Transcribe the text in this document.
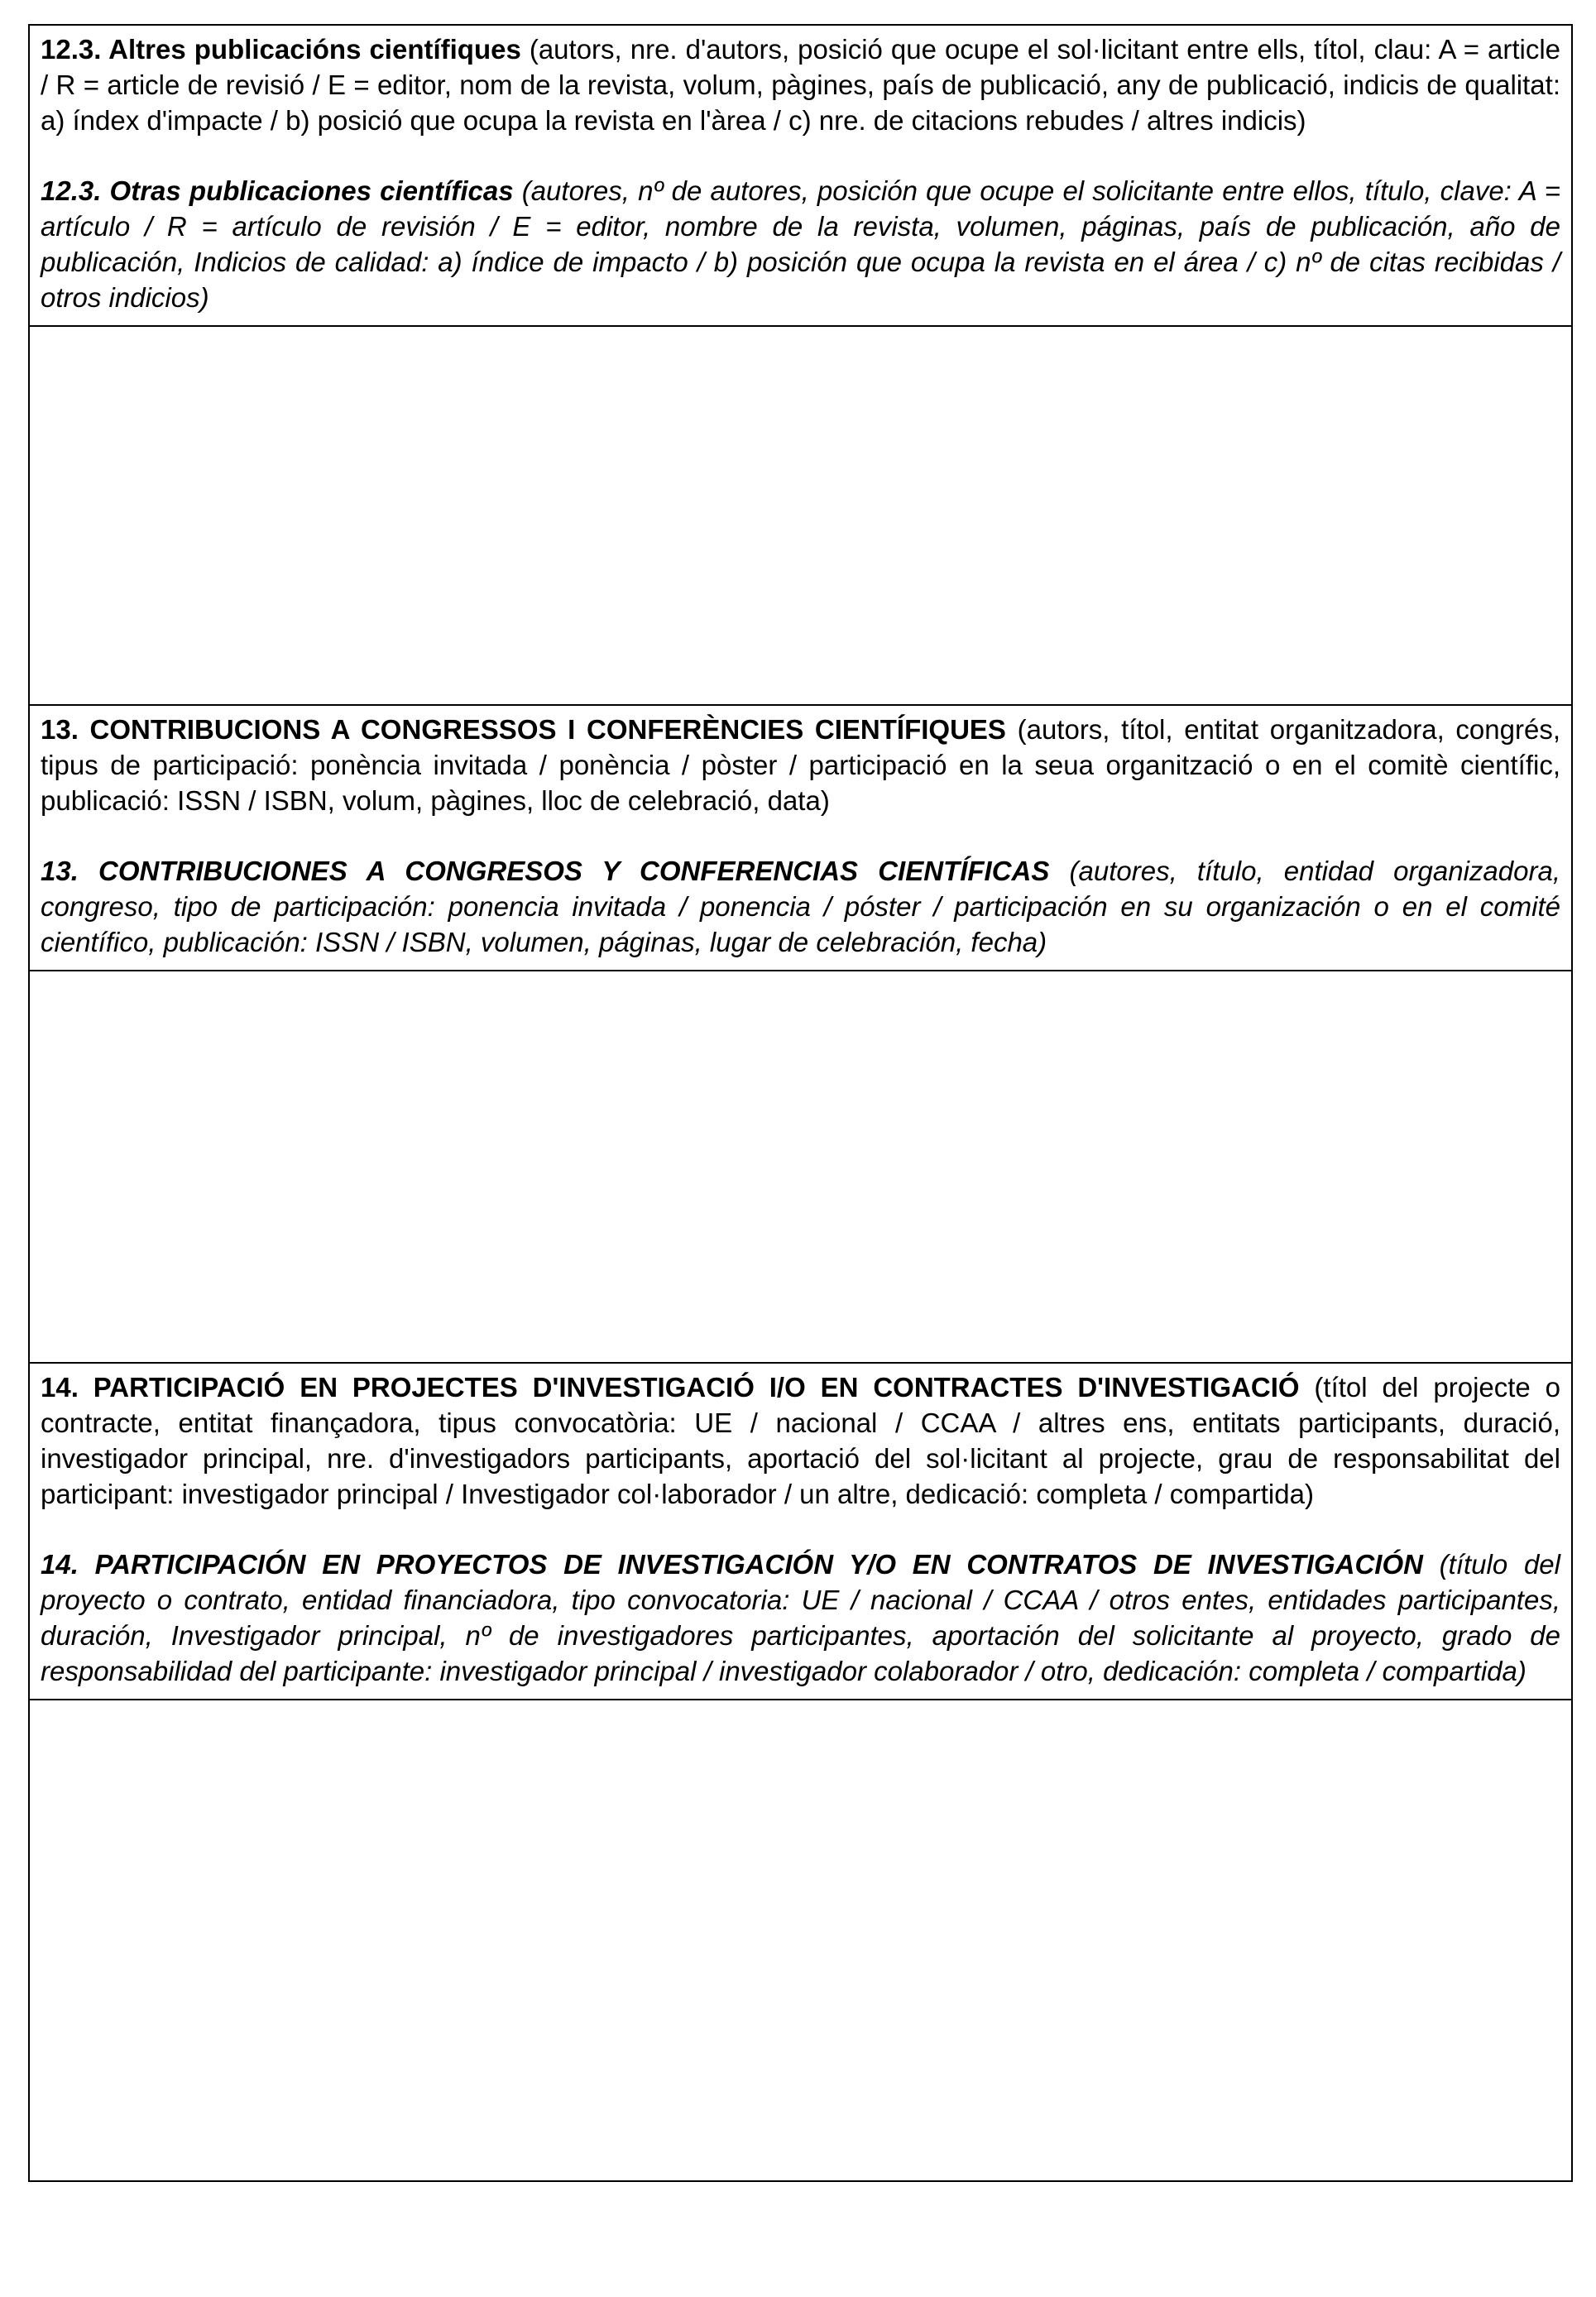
12.3. Altres publicacións científiques (autors, nre. d'autors, posició que ocupe el sol·licitant entre ells, títol, clau: A = article / R = article de revisió / E = editor, nom de la revista, volum, pàgines, país de publicació, any de publicació, indicis de qualitat: a) índex d'impacte / b) posició que ocupa la revista en l'àrea / c) nre. de citacions rebudes / altres indicis)

12.3. Otras publicaciones científicas (autores, nº de autores, posición que ocupe el solicitante entre ellos, título, clave: A = artículo / R = artículo de revisión / E = editor, nombre de la revista, volumen, páginas, país de publicación, año de publicación, Indicios de calidad: a) índice de impacto / b) posición que ocupa la revista en el área / c) nº de citas recibidas / otros indicios)

13. CONTRIBUCIONS A CONGRESSOS I CONFERÈNCIES CIENTÍFIQUES (autors, títol, entitat organitzadora, congrés, tipus de participació: ponència invitada / ponència / pòster / participació en la seua organització o en el comitè científic, publicació: ISSN / ISBN, volum, pàgines, lloc de celebració, data)

13. CONTRIBUCIONES A CONGRESOS Y CONFERENCIAS CIENTÍFICAS (autores, título, entidad organizadora, congreso, tipo de participación: ponencia invitada / ponencia / póster / participación en su organización o en el comité científico, publicación: ISSN / ISBN, volumen, páginas, lugar de celebración, fecha)

14. PARTICIPACIÓ EN PROJECTES D'INVESTIGACIÓ I/O EN CONTRACTES D'INVESTIGACIÓ (títol del projecte o contracte, entitat finançadora, tipus convocatòria: UE / nacional / CCAA / altres ens, entitats participants, duració, investigador principal, nre. d'investigadors participants, aportació del sol·licitant al projecte, grau de responsabilitat del participant: investigador principal / Investigador col·laborador / un altre, dedicació: completa / compartida)

14. PARTICIPACIÓN EN PROYECTOS DE INVESTIGACIÓN Y/O EN CONTRATOS DE INVESTIGACIÓN (título del proyecto o contrato, entidad financiadora, tipo convocatoria: UE / nacional / CCAA / otros entes, entidades participantes, duración, Investigador principal, nº de investigadores participantes, aportación del solicitante al proyecto, grado de responsabilidad del participante: investigador principal / investigador colaborador / otro, dedicación: completa / compartida)
